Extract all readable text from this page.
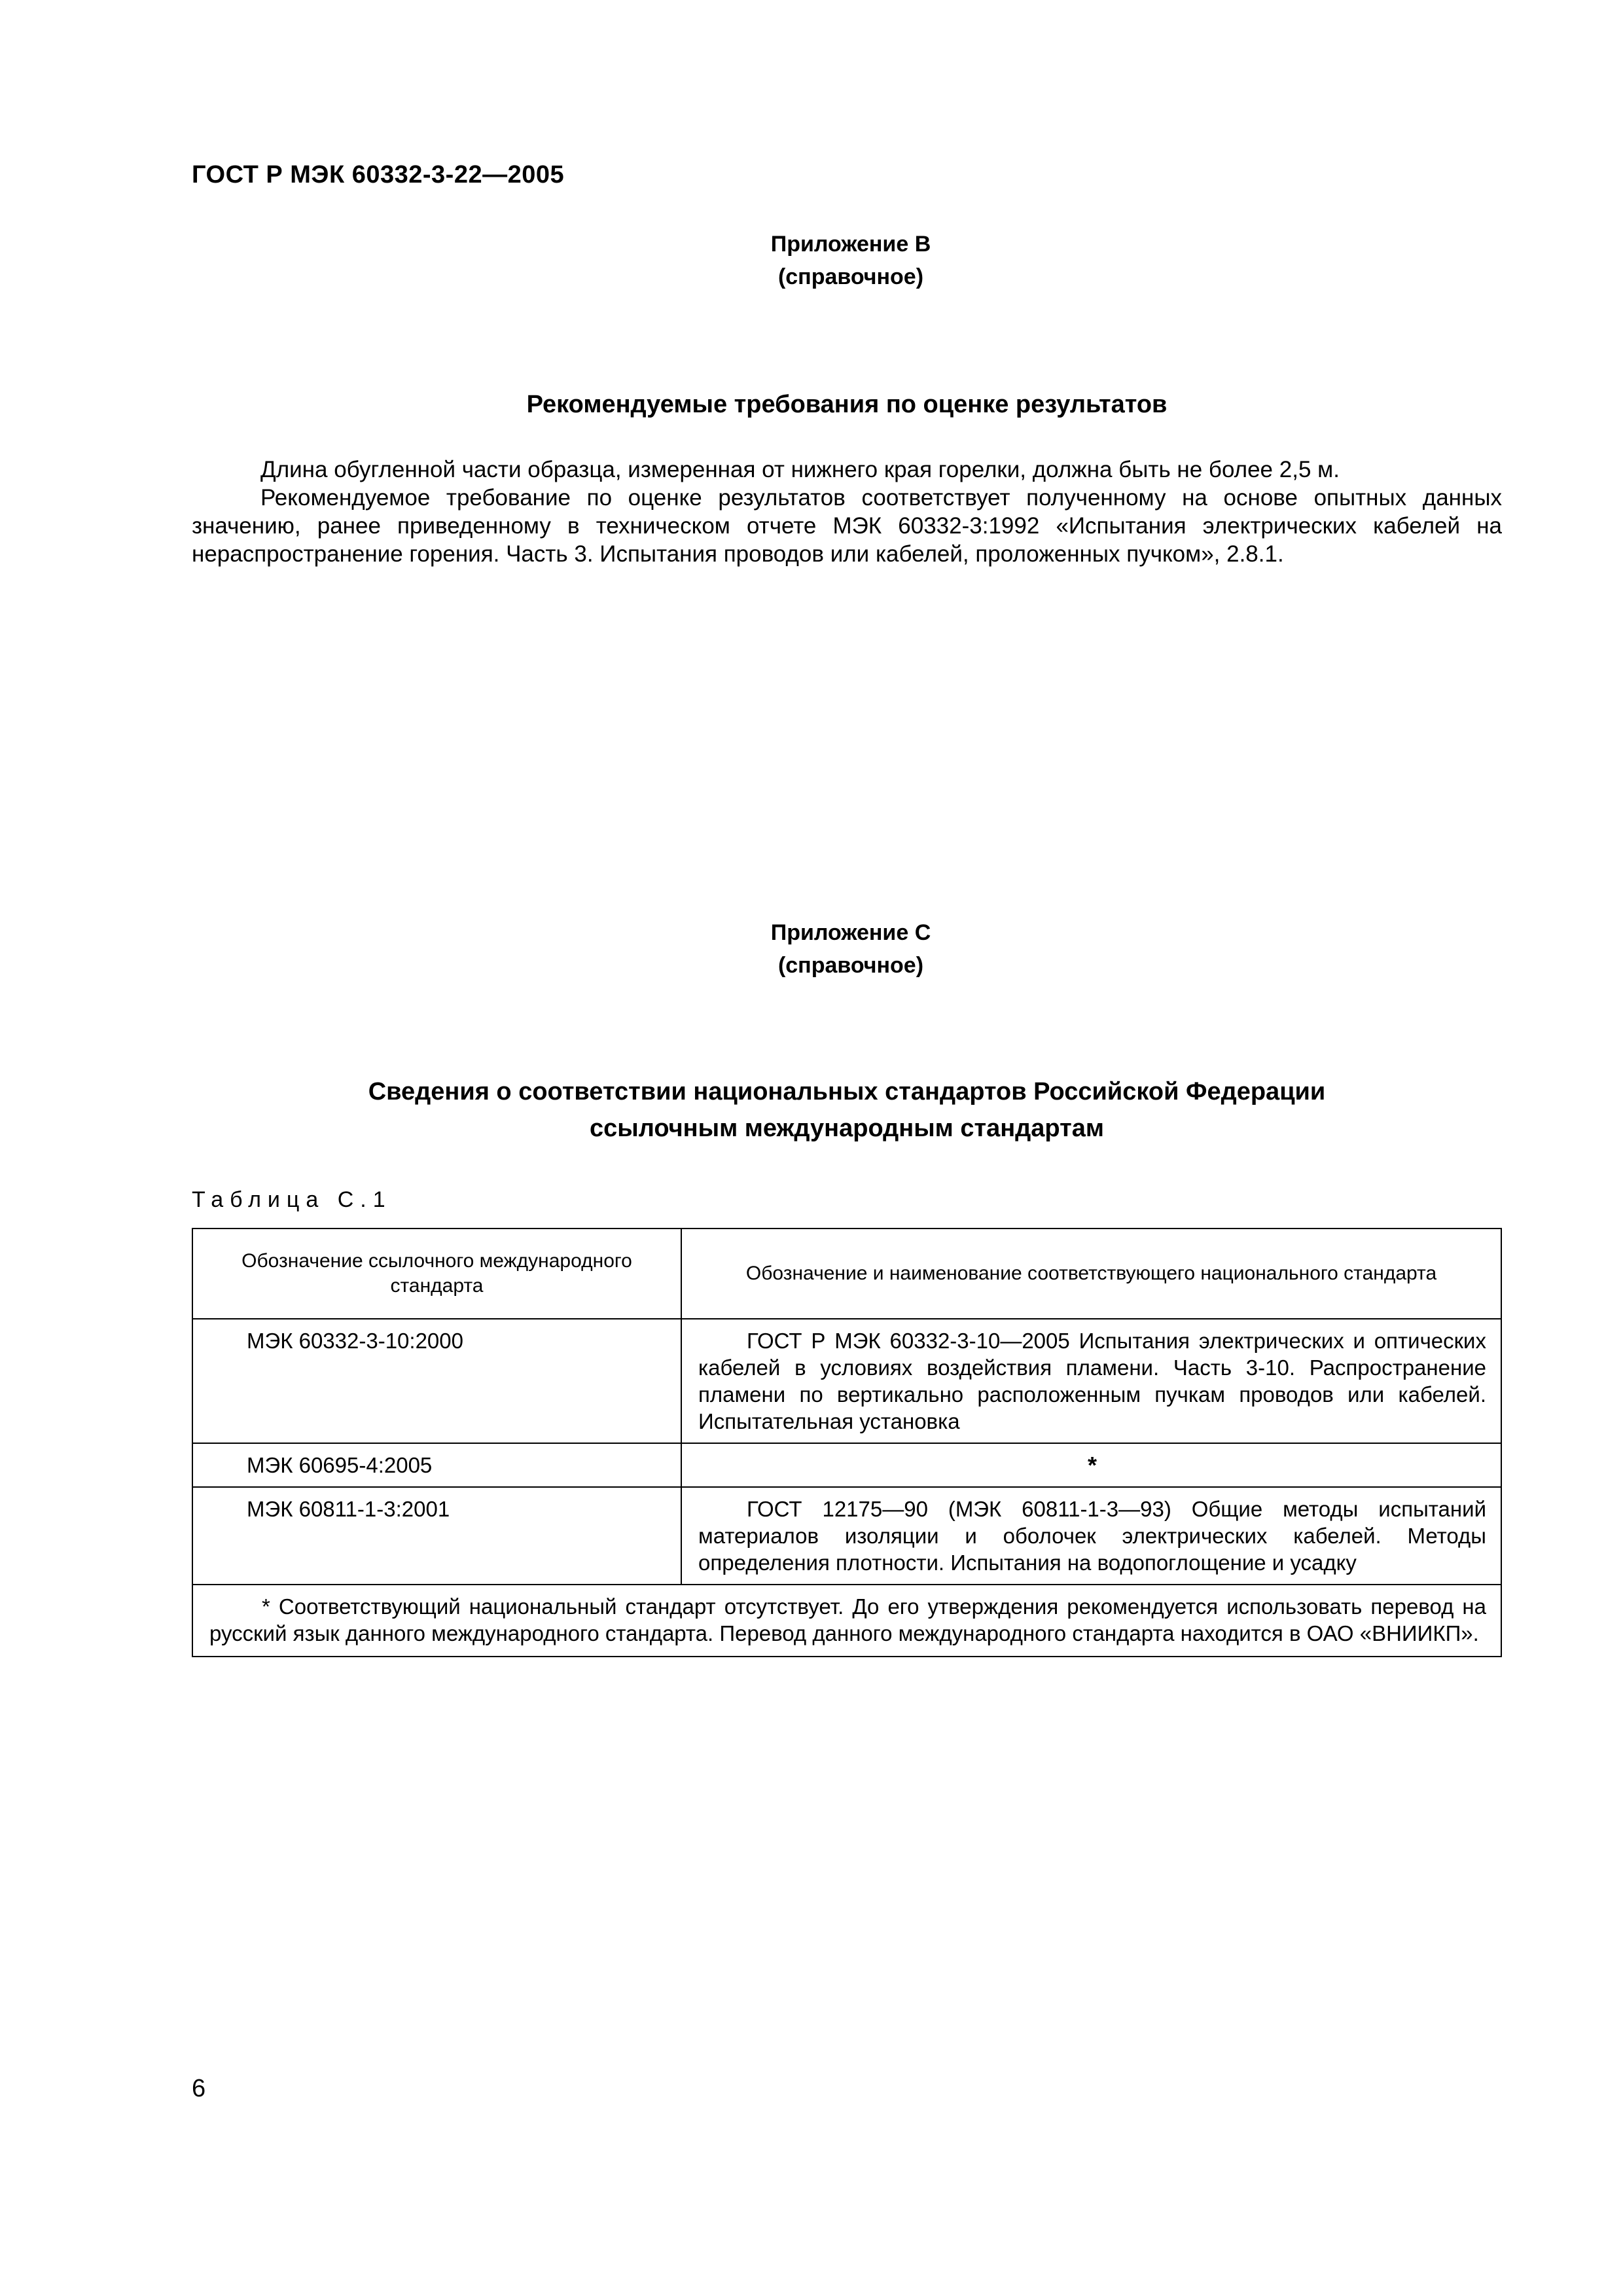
ГОСТ Р МЭК 60332-3-22—2005
Приложение B
(справочное)
Рекомендуемые требования по оценке результатов

Длина обугленной части образца, измеренная от нижнего края горелки, должна быть не более 2,5 м.

Рекомендуемое требование по оценке результатов соответствует полученному на основе опытных данных значению, ранее приведенному в техническом отчете МЭК 60332-3:1992 «Испытания электрических кабелей на нераспространение горения. Часть 3. Испытания проводов или кабелей, проложенных пучком», 2.8.1.

Приложение С
(справочное)
Сведения о соответствии национальных стандартов Российской Федерации
ссылочным международным стандартам
Таблица С.1
Обозначение ссылочного международного стандарта	Обозначение и наименование соответствующего национального стандарта
МЭК 60332-3-10:2000	ГОСТ Р МЭК 60332-3-10—2005 Испытания электрических и оптических кабелей в условиях воздействия пламени. Часть 3-10. Распространение пламени по вертикально расположенным пучкам проводов или кабелей. Испытательная установка

МЭК 60695-4:2005	*
МЭК 60811-1-3:2001	ГОСТ 12175—90 (МЭК 60811-1-3—93) Общие методы испытаний материалов изоляции и оболочек электрических кабелей. Методы определения плотности. Испытания на водопоглощение и усадку

* Соответствующий национальный стандарт отсутствует. До его утверждения рекомендуется использовать перевод на русский язык данного международного стандарта. Перевод данного международного стандарта находится в ОАО «ВНИИКП».	
6
